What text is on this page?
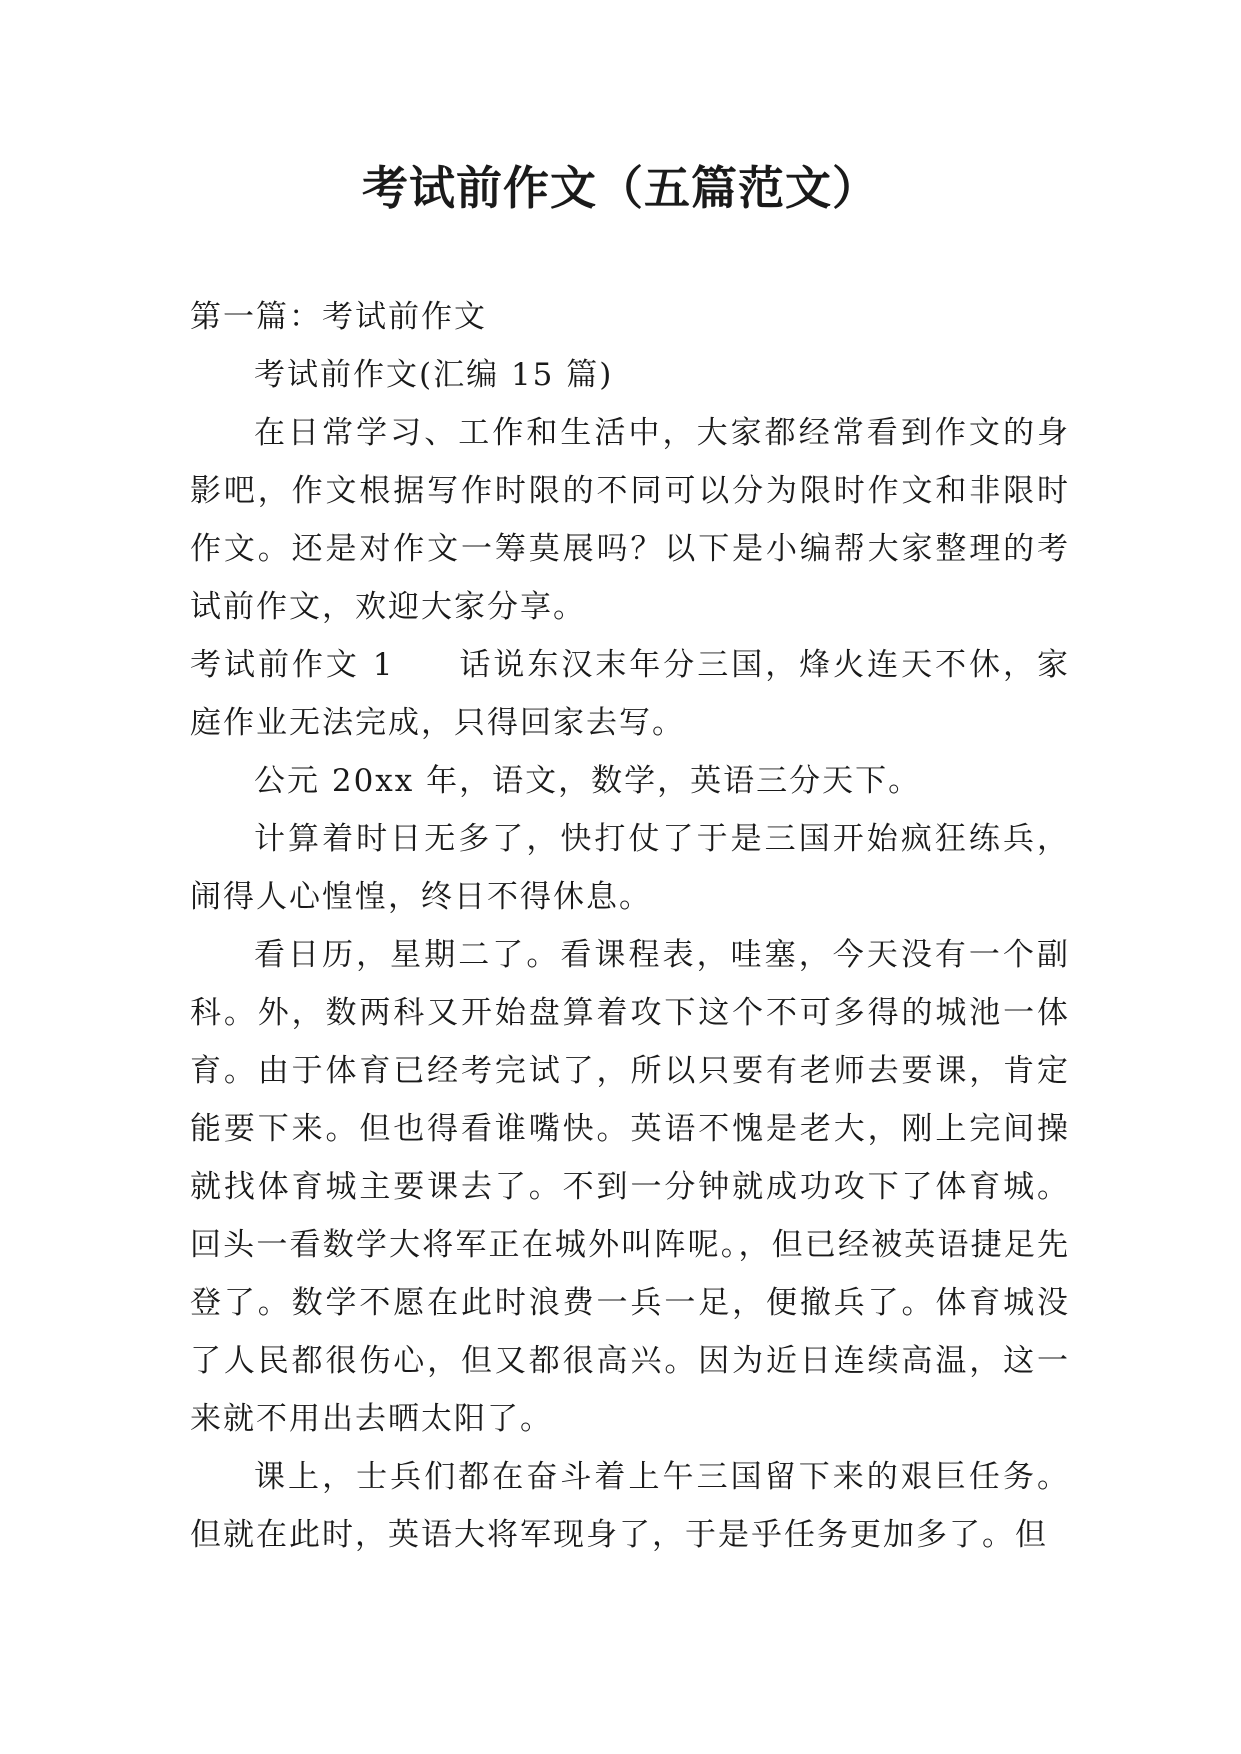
考试前作文（五篇范文）

第一篇：考试前作文

考试前作文(汇编 15 篇)

在日常学习、工作和生活中，大家都经常看到作文的身影吧，作文根据写作时限的不同可以分为限时作文和非限时作文。还是对作文一筹莫展吗？以下是小编帮大家整理的考试前作文，欢迎大家分享。

考试前作文 1 话说东汉末年分三国，烽火连天不休，家庭作业无法完成，只得回家去写。

公元 20xx 年，语文，数学，英语三分天下。

计算着时日无多了，快打仗了于是三国开始疯狂练兵，闹得人心惶惶，终日不得休息。

看日历，星期二了。看课程表，哇塞，今天没有一个副科。外，数两科又开始盘算着攻下这个不可多得的城池一体育。由于体育已经考完试了，所以只要有老师去要课，肯定能要下来。但也得看谁嘴快。英语不愧是老大，刚上完间操就找体育城主要课去了。不到一分钟就成功攻下了体育城。回头一看数学大将军正在城外叫阵呢。，但已经被英语捷足先登了。数学不愿在此时浪费一兵一足，便撤兵了。体育城没了人民都很伤心，但又都很高兴。因为近日连续高温，这一来就不用出去晒太阳了。

课上，士兵们都在奋斗着上午三国留下来的艰巨任务。但就在此时，英语大将军现身了，于是乎任务更加多了。但
